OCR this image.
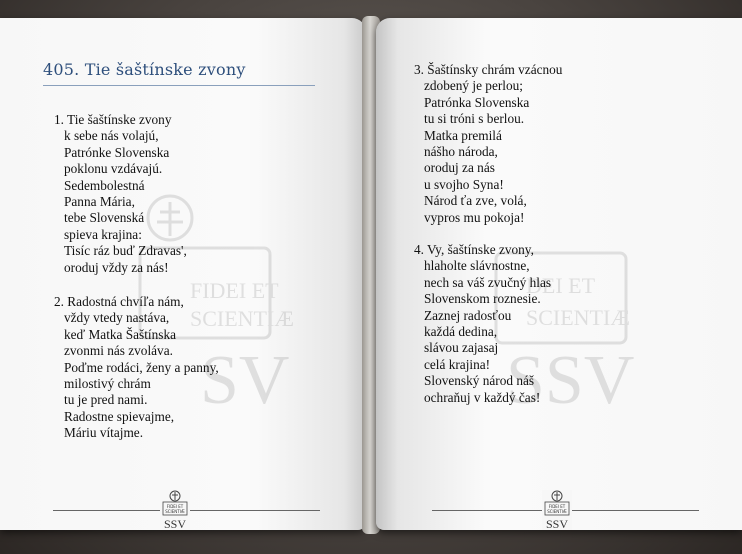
FIDEI ET
SCIENTIÆ
SV
405. Tie šaštínske zvony
1. Tie šaštínske zvony
k sebe nás volajú,
Patrónke Slovenska
poklonu vzdávajú.
Sedembolestná
Panna Mária,
tebe Slovenská
spieva krajina:
Tisíc ráz buď Zdravas',
oroduj vždy za nás!
2. Radostná chvíľa nám,
vždy vtedy nastáva,
keď Matka Šaštínska
zvonmi nás zvoláva.
Poďme rodáci, ženy a panny,
milostivý chrám
tu je pred nami.
Radostne spievajme,
Máriu vítajme.
FIDEI ET
SCIENTIÆ
SSV
DEI ET
SCIENTIÆ
SSV
3. Šaštínsky chrám vzácnou
zdobený je perlou;
Patrónka Slovenska
tu si tróni s berlou.
Matka premilá
nášho národa,
oroduj za nás
u svojho Syna!
Národ ťa zve, volá,
vypros mu pokoja!
4. Vy, šaštínske zvony,
hlaholte slávnostne,
nech sa váš zvučný hlas
Slovenskom roznesie.
Zaznej radosťou
každá dedina,
slávou zajasaj
celá krajina!
Slovenský národ náš
ochraňuj v každý čas!
FIDEI ET
SCIENTIÆ
SSV
